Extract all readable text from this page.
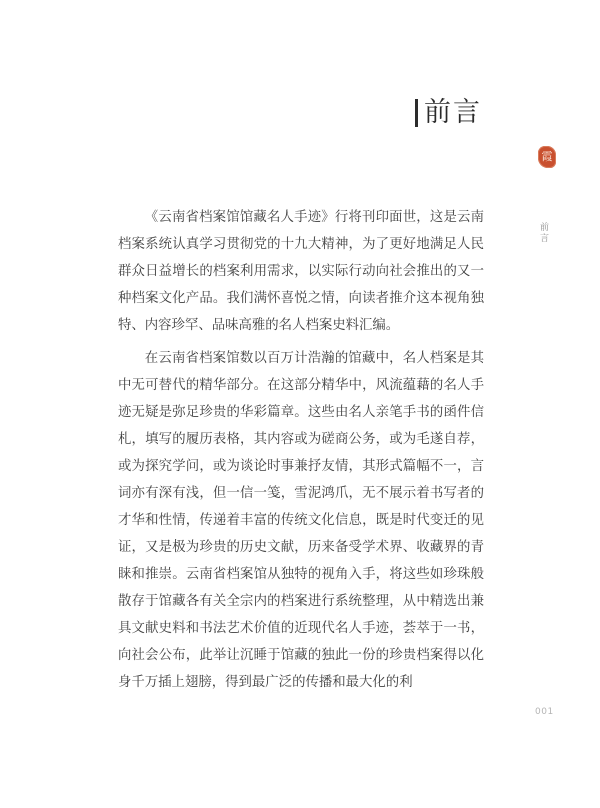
前言
霞
前言

《云南省档案馆馆藏名人手迹》行将刊印面世，这是云南档案系统认真学习贯彻党的十九大精神，为了更好地满足人民群众日益增长的档案利用需求，以实际行动向社会推出的又一种档案文化产品。我们满怀喜悦之情，向读者推介这本视角独特、内容珍罕、品味高雅的名人档案史料汇编。

在云南省档案馆数以百万计浩瀚的馆藏中，名人档案是其中无可替代的精华部分。在这部分精华中，风流蕴藉的名人手迹无疑是弥足珍贵的华彩篇章。这些由名人亲笔手书的函件信札，填写的履历表格，其内容或为磋商公务，或为毛遂自荐，或为探究学问，或为谈论时事兼抒友情，其形式篇幅不一，言词亦有深有浅，但一信一笺，雪泥鸿爪，无不展示着书写者的才华和性情，传递着丰富的传统文化信息，既是时代变迁的见证，又是极为珍贵的历史文献，历来备受学术界、收藏界的青睐和推崇。云南省档案馆从独特的视角入手，将这些如珍珠般散存于馆藏各有关全宗内的档案进行系统整理，从中精选出兼具文献史料和书法艺术价值的近现代名人手迹，荟萃于一书，向社会公布，此举让沉睡于馆藏的独此一份的珍贵档案得以化身千万插上翅膀，得到最广泛的传播和最大化的利

001
